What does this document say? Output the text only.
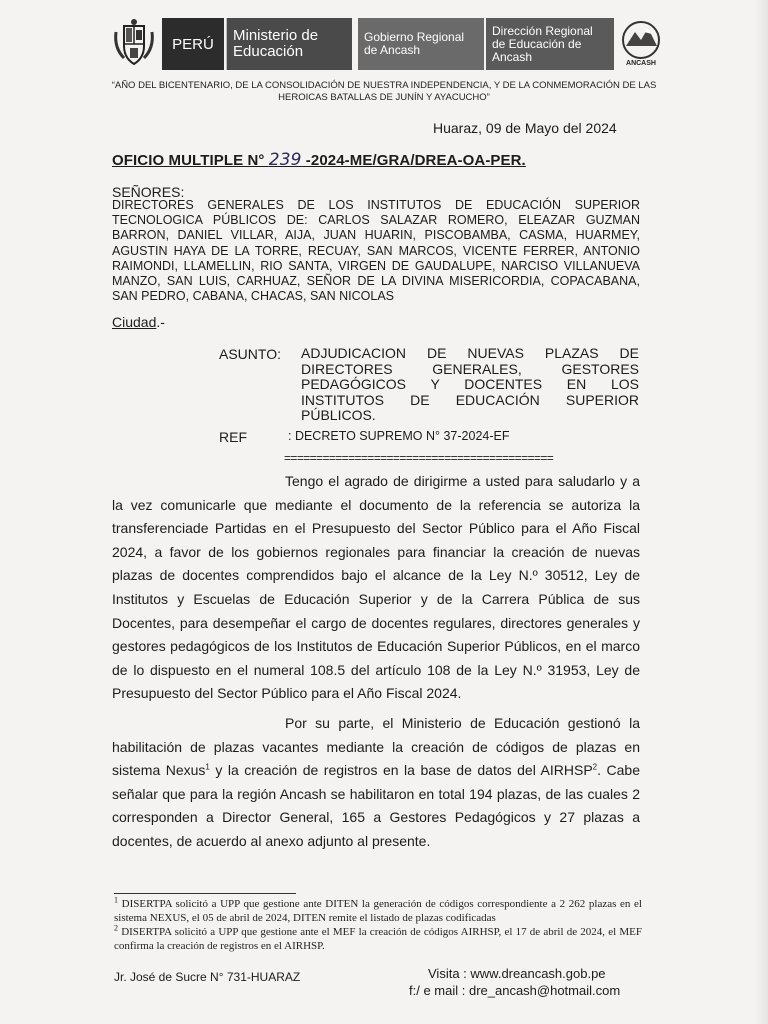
PERÚ	Ministerio de Educación
Gobierno Regional de Ancash
Dirección Regional de Educación de Ancash	ANCASH
“AÑO DEL BICENTENARIO, DE LA CONSOLIDACIÓN DE NUESTRA INDEPENDENCIA, Y DE LA CONMEMORACIÓN DE LAS HEROICAS BATALLAS DE JUNÍN Y AYACUCHO”
Huaraz, 09 de Mayo del 2024
OFICIO MULTIPLE N° 239 -2024-ME/GRA/DREA-OA-PER.
SEÑORES:
DIRECTORES GENERALES DE LOS INSTITUTOS DE EDUCACIÓN SUPERIOR TECNOLOGICA PÚBLICOS DE: CARLOS SALAZAR ROMERO, ELEAZAR GUZMAN BARRON, DANIEL VILLAR, AIJA, JUAN HUARIN, PISCOBAMBA, CASMA, HUARMEY, AGUSTIN HAYA DE LA TORRE, RECUAY, SAN MARCOS, VICENTE FERRER, ANTONIO RAIMONDI, LLAMELLIN, RIO SANTA, VIRGEN DE GAUDALUPE, NARCISO VILLANUEVA MANZO, SAN LUIS, CARHUAZ, SEÑOR DE LA DIVINA MISERICORDIA, COPACABANA, SAN PEDRO, CABANA, CHACAS, SAN NICOLAS
Ciudad.-
ASUNTO: ADJUDICACION DE NUEVAS PLAZAS DE DIRECTORES GENERALES, GESTORES PEDAGÓGICOS Y DOCENTES EN LOS INSTITUTOS DE EDUCACIÓN SUPERIOR PÚBLICOS.
REF	: DECRETO SUPREMO N° 37-2024-EF
==========================================
Tengo el agrado de dirigirme a usted para saludarlo y a la vez comunicarle que mediante el documento de la referencia se autoriza la transferenciade Partidas en el Presupuesto del Sector Público para el Año Fiscal 2024, a favor de los gobiernos regionales para financiar la creación de nuevas plazas de docentes comprendidos bajo el alcance de la Ley N.º 30512, Ley de Institutos y Escuelas de Educación Superior y de la Carrera Pública de sus Docentes, para desempeñar el cargo de docentes regulares, directores generales y gestores pedagógicos de los Institutos de Educación Superior Públicos, en el marco de lo dispuesto en el numeral 108.5 del artículo 108 de la Ley N.º 31953, Ley de Presupuesto del Sector Público para el Año Fiscal 2024.
Por su parte, el Ministerio de Educación gestionó la habilitación de plazas vacantes mediante la creación de códigos de plazas en sistema Nexus$^1$ y la creación de registros en la base de datos del AIRHSP$^2$. Cabe señalar que para la región Ancash se habilitaron en total 194 plazas, de las cuales 2 corresponden a Director General, 165 a Gestores Pedagógicos y 27 plazas a docentes, de acuerdo al anexo adjunto al presente.
$^1$ DISERTPA solicitó a UPP que gestione ante DITEN la generación de códigos correspondiente a 2 262 plazas en el sistema NEXUS, el 05 de abril de 2024, DITEN remite el listado de plazas codificadas
$^2$ DISERTPA solicitó a UPP que gestione ante el MEF la creación de códigos AIRHSP, el 17 de abril de 2024, el MEF confirma la creación de registros en el AIRHSP.
Jr. José de Sucre N° 731-HUARAZ	Visita : www.dreancash.gob.pe
f:/ e mail : dre_ancash@hotmail.com
